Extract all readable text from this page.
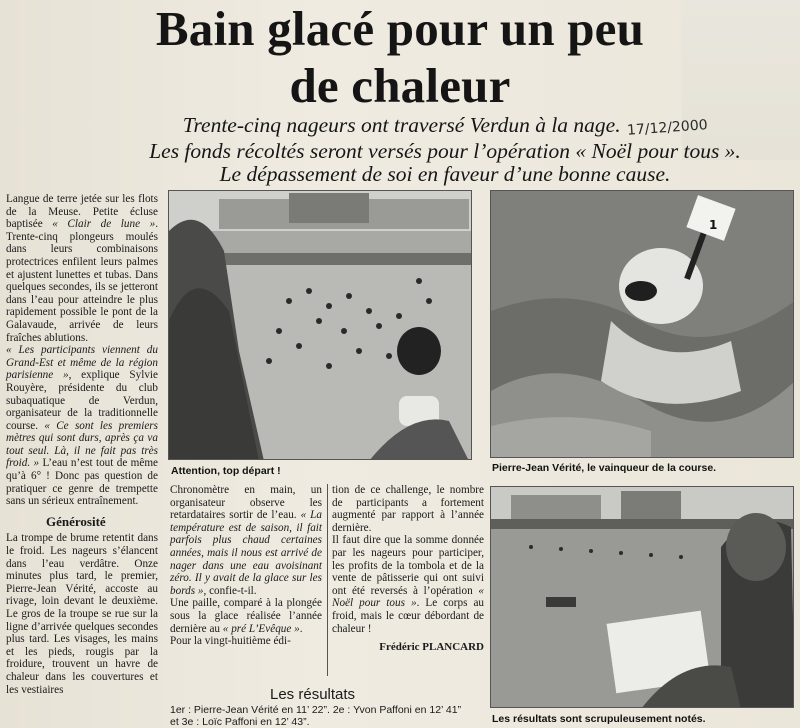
Bain glacé pour un peu
de chaleur
Trente-cinq nageurs ont traversé Verdun à la nage. 17/12/2000
Les fonds récoltés seront versés pour l’opération « Noël pour tous ».
Le dépassement de soi en faveur d’une bonne cause.

Langue de terre jetée sur les flots de la Meuse. Petite écluse baptisée « Clair de lune ». Trente-cinq plongeurs moulés dans leurs combinaisons protectrices enfilent leurs palmes et ajustent lunettes et tubas. Dans quelques secondes, ils se jetteront dans l’eau pour atteindre le plus rapidement possible le pont de la Galavaude, arrivée de leurs fraîches ablutions.

« Les participants viennent du Grand-Est et même de la région parisienne », explique Sylvie Rouyère, présidente du club subaquatique de Verdun, organisateur de la traditionnelle course. « Ce sont les premiers mètres qui sont durs, après ça va tout seul. Là, il ne fait pas très froid. » L’eau n’est tout de même qu’à 6° ! Donc pas question de pratiquer ce genre de trempette sans un sérieux entraînement.

Générosité

La trompe de brume retentit dans le froid. Les nageurs s’élancent dans l’eau verdâtre. Onze minutes plus tard, le premier, Pierre-Jean Vérité, accoste au rivage, loin devant le deuxième. Le gros de la troupe se rue sur la ligne d’arrivée quelques secondes plus tard. Les visages, les mains et les pieds, rougis par la froidure, trouvent un havre de chaleur dans les couvertures et les vestiaires

Attention, top départ !
1
Pierre-Jean Vérité, le vainqueur de la course.

Chronomètre en main, un organisateur observe les retardataires sortir de l’eau. « La température est de saison, il fait parfois plus chaud certaines années, mais il nous est arrivé de nager dans une eau avoisinant zéro. Il y avait de la glace sur les bords », confie-t-il.

Une paille, comparé à la plongée sous la glace réalisée l’année dernière au « pré L’Evêque ».

Pour la vingt-huitième édi-

tion de ce challenge, le nombre de participants a fortement augmenté par rapport à l’année dernière.

Il faut dire que la somme donnée par les nageurs pour participer, les profits de la tombola et de la vente de pâtisserie qui ont suivi ont été reversés à l’opération « Noël pour tous ». Le corps au froid, mais le cœur débordant de chaleur !

Frédéric PLANCARD
Les résultats sont scrupuleusement notés.
Les résultats
1er : Pierre-Jean Vérité en 11’ 22”. 2e : Yvon Paffoni en 12’ 41”
et 3e : Loïc Paffoni en 12’ 43”.
